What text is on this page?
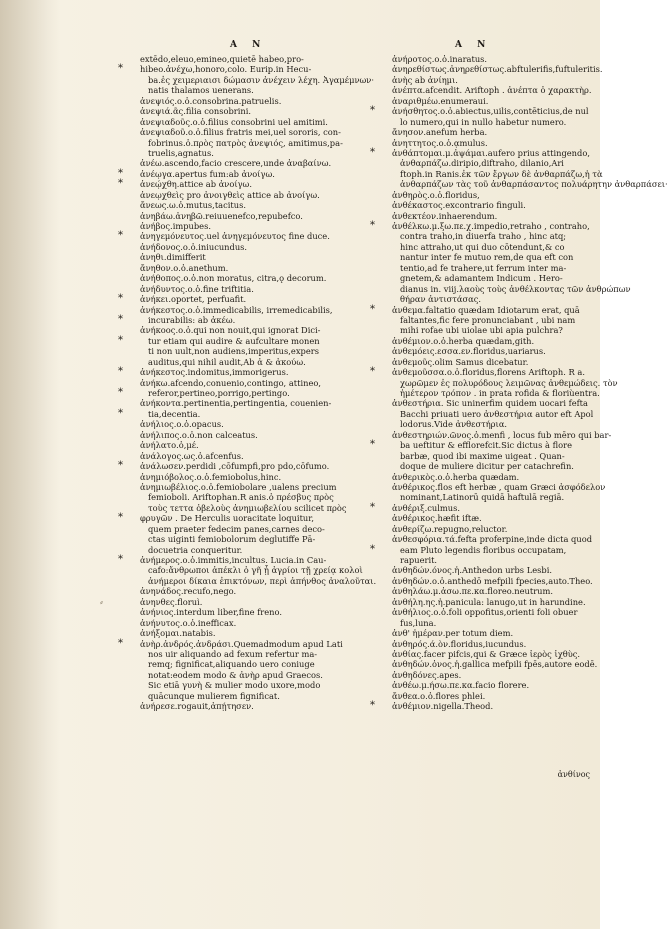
A N	A N
extēdo,eleuo,emineo,quietē habeo,pro-
* hibeo.ἀνέχω,honoro,colo. Eurip.in Hecu-
ba.ἐς χειμεριαισι δώμασιν ἀνέχειν λέχη. Ἀγαμέμνων·
natis thalamos uenerans.
ἀνεψιός.ο.ὁ.consobrina.patruelis.
ἀνεψιά.ᾶς.filia consobrini.
ἀνεψιαδοῦς.ο.ὁ.filius consobrini uel amitimi.
ἀνεψιαδοῦ.ο.ὁ.filius fratris mei,uel sororis, con-
fobrinus.ὁ.πρὸς πατρὸς ἀνεψιός, amitimus,pa-
truelis,agnatus.
ἀνέω.ascendo,facio crescere,unde ἀναβαίνω.
* ἀνέῳγα.apertus fum:ab ἀνοίγω.
* ἀνεῴχθη.attice ab ἀνοίγω.
ἀνεῳχθεὶς pro ἀνοιγθεὶς attice ab ἀνοίγω.
ἄνεως.ω.ὁ.mutus,tacitus.
ἀνηβάω.ἀνηβῶ.reiuuenefco,repubefco.
ἀνήβος.impubes.
* ἀνηγεμόνευτος.uel ἀνηγεμόνευτος fine duce.
ἀνήδονος.ο.ὁ.iniucundus.
ἀνηθι.dimifferit
ἄνηθον.ο.ὁ.anethum.
ἀνήθοπος.ο.ὁ.non moratus, citra,ǫ decorum.
ἀνήδυντος.ο.ὁ.fine triftitia.
* ἀνήκει.oportet, perfuafit.
ἀνήκεστος.ο.ὁ.immedicabilis, irremedicabilis,
*	incurabilis: ab ἀκέω.
ἀνήκοος.ο.ὁ.qui non nouit,qui ignorat Dici-
*	tur etiam qui audire & aufcultare monen
ti non uult,non audiens,imperitus,expers
auditus,qui nihil audit,Ab ἀ & ἀκούω.
* ἀνήκεστος.indomitus,immorigerus.
ἀνήκω.afcendo,conuenio,contingo, attineo,
*	referor,pertineo,porrigo,pertingo.
ἀνήκοντα.pertinentia,pertingentia, couenien-
*	tia,decentia.
ἀνήλιος.ο.ὁ.opacus.
ἀνήλιπος.ο.ὁ.non calceatus.
ἀνήλατο.ὁ,μέ.
ἀνάλογος.ως.ὁ.afcenfus.
* ἀνάλωσεν.perdidi ,cōfumpfi,pro pdo,cōfumo.
ἀνημιόβολος.ο.ὁ.femiobolus,hinc.
ἀνημιωβέλιος.ο.ὁ.femiobolare ,ualens precium
femioboli. Ariftophan.R anis.ὁ πρέσβυς πρὸς
τοὺς τεττα ὀβελοὺς ἀνημιωβελίου scilicet πρὸς
* φρυγῶν . De Herculis uoracitate loquitur,
quem praeter fedecim panes,carnes deco-
ctas uiginti femiobolorum deglutiffe Pā-
docuetria conqueritur.
* ἀνήμερος.ο.ὁ.immitis,incultus. Lucia.in Cau-
cafo:ἄνθρωποι ἀπέκλι ὁ γῆ ᾗ ἀγρίοι τῇ χρείᾳ κολοὶ
ἀνήμεροι δίκαια ἐπικτόνων, περὶ ἀπήνθος ἀναλοῦται.
ἀνηνάδος.recufo,nego.
ἀνηνθες.floruì.
ἀνήνιος.interdum liber,fine freno.
ἀνήνυτος.ο.ὁ.inefficax.
ἀνήξομαι.natabis.
* ἀνὴρ.ἀνδρός.ἀνδράσι.Quemadmodum apud Lati
nos uir aliquando ad fexum refertur ma-
remq; fignificat,aliquando uero coniuge
notat:eodem modo & ἀνὴρ apud Graecos.
Sic etiā γυνὴ & mulier modo uxore,modo
quācunque mulierem fignificat.
ἀνήρεσε.rogauit,ἀπῄτησεν.
ἀνήροτος.ο.ὁ.inaratus.
ἀνηρεθίστως.ἀνηρεθίστως.abftulerifis,fuftuleritis.
ἀνὴς ab ἀνίημι.
ἀνέπτα.afcendit. Ariftoph . ἀνέπτα ὁ χαρακτὴρ.
ἀναριθμέω.enumeraui.
* ἀνήσθητος.ο.ὁ.abiectus,uilis,contēticius,de nul
lo numero,qui in nullo habetur numero.
ἄνησον.anefum herba.
ἀνηττητος.ο.ὁ.ᾳmulus.
* ἀνθάπτομαι.μ.ἀψάμαι.aufero prius attingendo,
ἀνθαρπάζω.diripio,diftraho, dilanio,Ari
ftoph.in Ranis.ἐκ τῶν ἔργων δὲ ἀνθαρπάζω,ἡ τὰ
ἀνθαρπάζων τὰς τοῦ ἀνθαρπάσαντος πολυάρητην ἀνθαρπάσει·
ἀνθηρὸς.ο.ὁ.floridus,
ἀνθέκαστος.excontrario finguli.
ἀνθεκτέον.inhaerendum.
* ἀνθέλκω.μ.ξω.πε.χ.impedio,retraho , contraho,
contra traho,in diuerfa traho , hinc atq;
hinc attraho,ut qui duo cōtendunt,& co
nantur inter fe mutuo rem,de qua eft con
tentio,ad fe trahere,ut ferrum inter ma-
gnetem,& adamantem Indicum . Hero-
dianus in. viij.λαοὺς τοὺς ἀνθέλκοντας τῶν ἀνθρώπων
θήραν ἀντιστάσας.
* ἀνθεμα.faltatio quædam Idiotarum erat, quā
faltantes,fic fere pronunciabant , ubi nam
mihi rofae ubi uiolae ubi apia pulchra?
ἀνθέμιον.ο.ὁ.herba quædam,gith.
ἀνθεμόεις.εσσα.εν.floridus,uariarus.
ἀνθεμοῦς.olim Samus dicebatur.
* ἀνθεμοῦσσα.ο.ὁ.floridus,florens Ariftoph. R a.
χωρῶμεν ἐς πολυρόδους λειμῶνας ἀνθεμώδεις. τὸν
ἡμέτερον τρόπον . in prata rofida & floriùentra.
ἀνθεστήρια. Sic uninerfim quidem uocari fefta
Bacchi priuati uero ἀνθεστήρια autor eft Apol
lodorus.Vide ἀνθεστήρια.
ἀνθεστηριών.ῶνος.ὁ.menfi , locus fub mēro qui bar-
*	ba ueftitur & efflorefcit.Sic dictus à flore
barbæ, quod ibi maxime uigeat . Quan-
doque de muliere dicitur per catachrefin.
ἀνθερικὸς.ο.ὁ.herba quædam.
ἀνθέρικος.flos eft herbæ , quam Græci ἀσφόδελον
nominant,Latinorū quidā haftulā regiā.
* ἀνθέριξ.culmus.
ἀνθέρικος.hæfit iftæ.
ἀνθερίζω.repugno,reluctor.
ἀνθεσφόρια.τά.fefta proferpine,inde dicta quod
*	eam Pluto legendis floribus occupatam,
rapuerit.
ἀνθηδών.όνος.ἡ.Anthedon urbs Lesbi.
ἀνθηδών.ο.ὁ.anthedō mefpili fpecies,auto.Theo.
ἀνθηλάω.μ.ἀσω.πε.κα.floreo.neutrum.
ἀνθήλη.ης.ἡ.panicula: lanugo,ut in harundine.
ἀνθήλιος.ο.ὁ.foli oppofitus,orienti foli obuer
fus,luna.
ἀνθ' ἡμέραν.per totum diem.
ἀνθηρός.ά.ὸν.floridus,iucundus.
ἀνθίας.facer pifcis,qui & Græce ἱερὸς ἰχθὺς.
ἀνθηδών.ὀνος.ἡ.gallica mefpili fpēs,autore eodē.
ἀνθηδόνες.apes.
ἀνθέω.μ.ήσω.πε.κα.facio florere.
ἄνθεα.ο.ὁ.flores phlei.
* ἀνθέμιον.nigella.Theod.
⸗
ἀνθίνος
